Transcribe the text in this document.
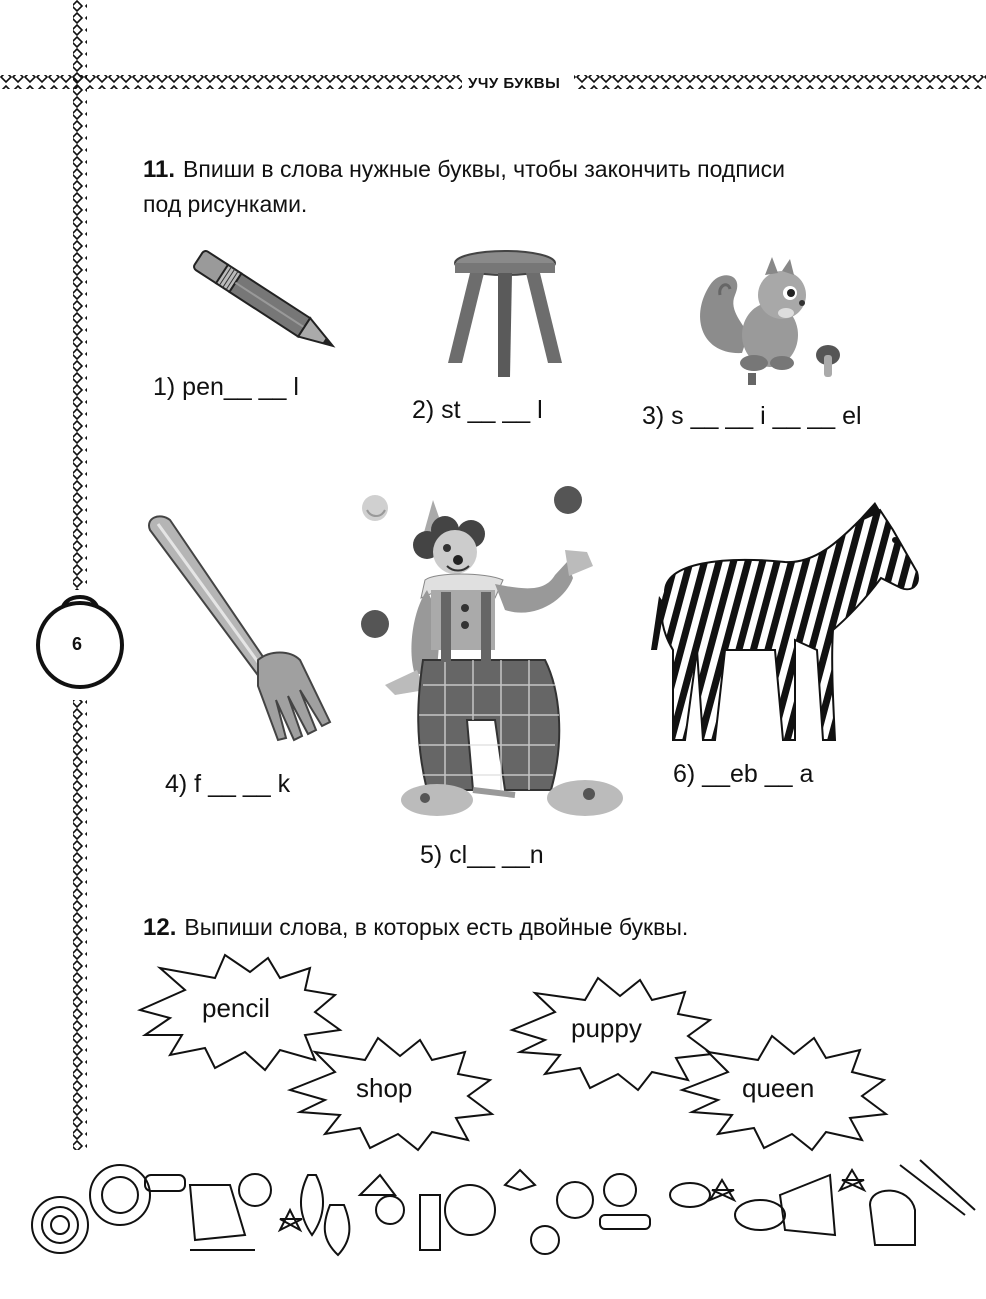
УЧУ БУКВЫ
6
11. Впиши в слова нужные буквы, чтобы закончить подписи
под рисунками.
1) pen__ __ l
2) st __ __ l	3) s __ __ i __ __ el
4) f __ __ k
5) cl__ __n
6) __eb __ a
12. Выпиши слова, в которых есть двойные буквы.
pencil
puppy
shop	queen
